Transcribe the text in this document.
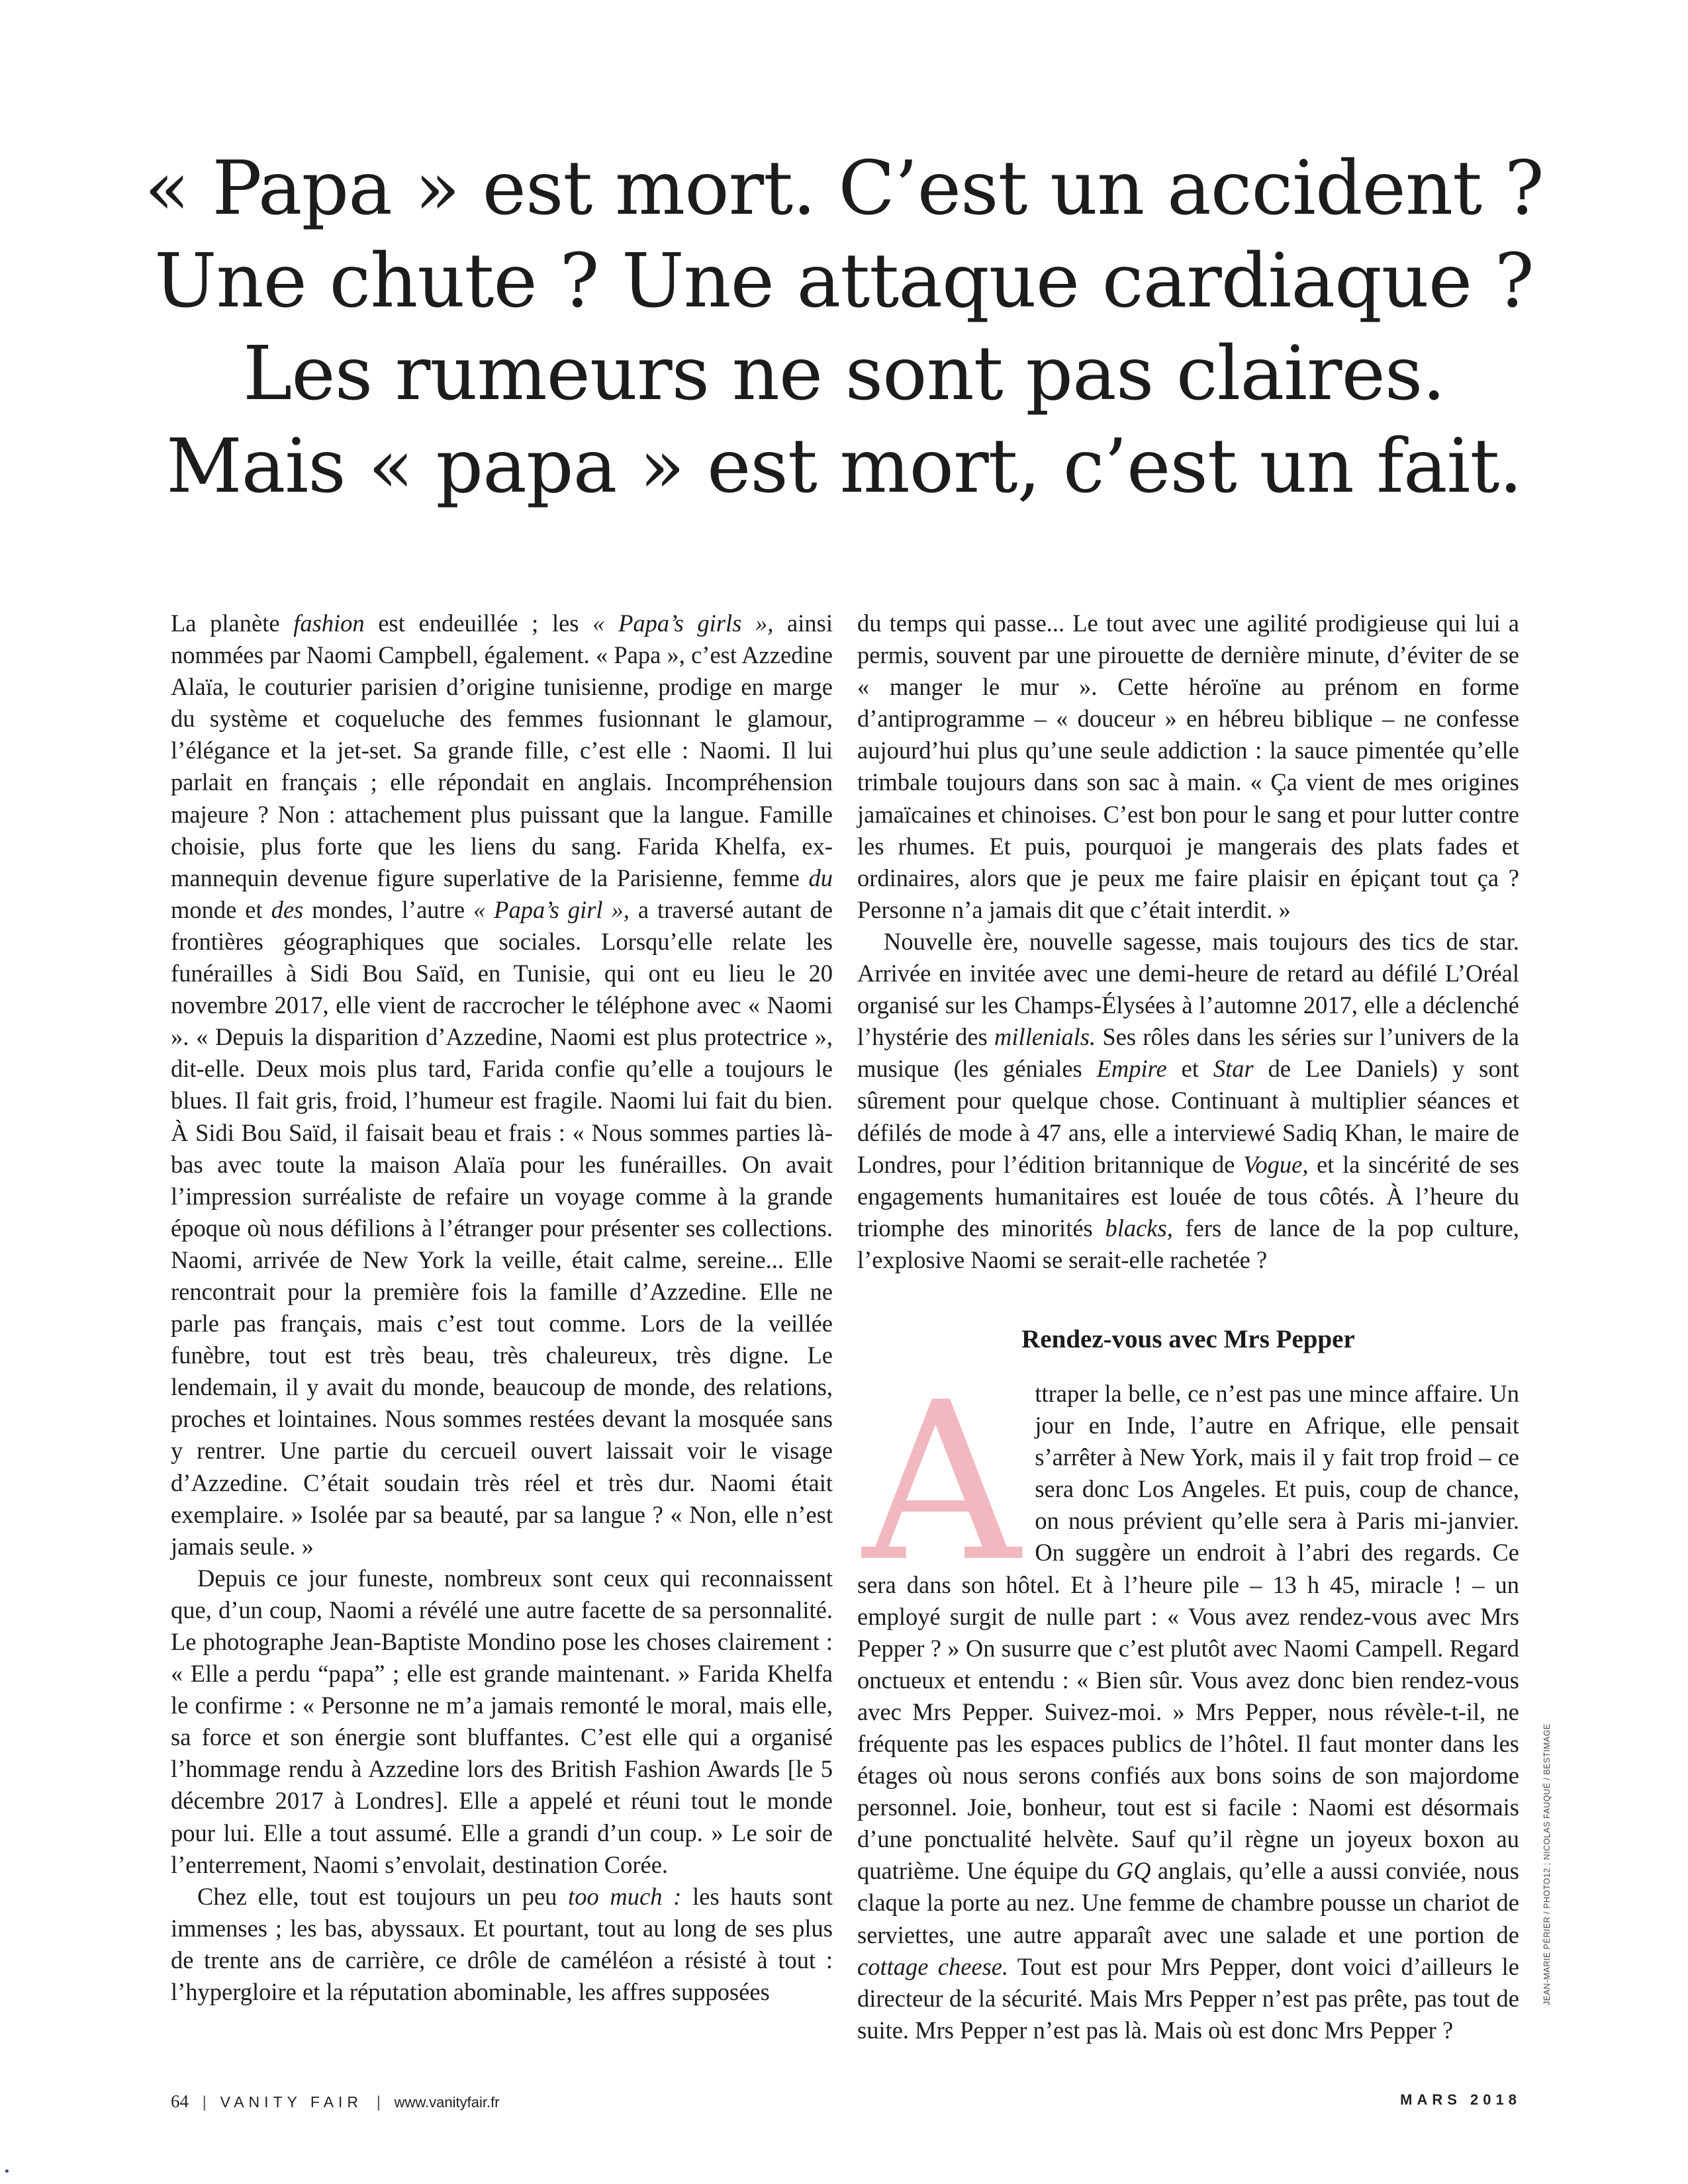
« Papa » est mort. C’est un accident ?
Une chute ? Une attaque cardiaque ?
Les rumeurs ne sont pas claires.
Mais « papa » est mort, c’est un fait.

La planète fashion est endeuillée ; les « Papa’s girls », ainsi nommées par Naomi Campbell, également. « Papa », c’est Azzedine Alaïa, le couturier parisien d’origine tunisienne, prodige en marge du système et coqueluche des femmes fusionnant le glamour, l’élégance et la jet-set. Sa grande fille, c’est elle : Naomi. Il lui parlait en français ; elle répondait en anglais. Incompréhension majeure ? Non : attachement plus puissant que la langue. Famille choisie, plus forte que les liens du sang. Farida Khelfa, ex-mannequin devenue figure superlative de la Parisienne, femme du monde et des mondes, l’autre « Papa’s girl », a traversé autant de frontières géographiques que sociales. Lorsqu’elle relate les funérailles à Sidi Bou Saïd, en Tunisie, qui ont eu lieu le 20 novembre 2017, elle vient de raccrocher le téléphone avec « Naomi ». « Depuis la disparition d’Azzedine, Naomi est plus protectrice », dit-elle. Deux mois plus tard, Farida confie qu’elle a toujours le blues. Il fait gris, froid, l’humeur est fragile. Naomi lui fait du bien. À Sidi Bou Saïd, il faisait beau et frais : « Nous sommes parties là-bas avec toute la maison Alaïa pour les funérailles. On avait l’impression surréaliste de refaire un voyage comme à la grande époque où nous défilions à l’étranger pour présenter ses collections. Naomi, arrivée de New York la veille, était calme, sereine... Elle rencontrait pour la première fois la famille d’Azzedine. Elle ne parle pas français, mais c’est tout comme. Lors de la veillée funèbre, tout est très beau, très chaleureux, très digne. Le lendemain, il y avait du monde, beaucoup de monde, des relations, proches et lointaines. Nous sommes restées devant la mosquée sans y rentrer. Une partie du cercueil ouvert laissait voir le visage d’Azzedine. C’était soudain très réel et très dur. Naomi était exemplaire. » Isolée par sa beauté, par sa langue ? « Non, elle n’est jamais seule. »

Depuis ce jour funeste, nombreux sont ceux qui reconnaissent que, d’un coup, Naomi a révélé une autre facette de sa personnalité. Le photographe Jean-Baptiste Mondino pose les choses clairement : « Elle a perdu “papa” ; elle est grande maintenant. » Farida Khelfa le confirme : « Personne ne m’a jamais remonté le moral, mais elle, sa force et son énergie sont bluffantes. C’est elle qui a organisé l’hommage rendu à Azzedine lors des British Fashion Awards [le 5 décembre 2017 à Londres]. Elle a appelé et réuni tout le monde pour lui. Elle a tout assumé. Elle a grandi d’un coup. » Le soir de l’enterrement, Naomi s’envolait, destination Corée.

Chez elle, tout est toujours un peu too much : les hauts sont immenses ; les bas, abyssaux. Et pourtant, tout au long de ses plus de trente ans de carrière, ce drôle de caméléon a résisté à tout : l’hypergloire et la réputation abominable, les affres supposées

du temps qui passe... Le tout avec une agilité prodigieuse qui lui a permis, souvent par une pirouette de dernière minute, d’éviter de se « manger le mur ». Cette héroïne au prénom en forme d’antiprogramme – « douceur » en hébreu biblique – ne confesse aujourd’hui plus qu’une seule addiction : la sauce pimentée qu’elle trimbale toujours dans son sac à main. « Ça vient de mes origines jamaïcaines et chinoises. C’est bon pour le sang et pour lutter contre les rhumes. Et puis, pourquoi je mangerais des plats fades et ordinaires, alors que je peux me faire plaisir en épiçant tout ça ? Personne n’a jamais dit que c’était interdit. »

Nouvelle ère, nouvelle sagesse, mais toujours des tics de star. Arrivée en invitée avec une demi-heure de retard au défilé L’Oréal organisé sur les Champs-Élysées à l’automne 2017, elle a déclenché l’hystérie des millenials. Ses rôles dans les séries sur l’univers de la musique (les géniales Empire et Star de Lee Daniels) y sont sûrement pour quelque chose. Continuant à multiplier séances et défilés de mode à 47 ans, elle a interviewé Sadiq Khan, le maire de Londres, pour l’édition britannique de Vogue, et la sincérité de ses engagements humanitaires est louée de tous côtés. À l’heure du triomphe des minorités blacks, fers de lance de la pop culture, l’explosive Naomi se serait-elle rachetée ?

Rendez-vous avec Mrs Pepper

Attraper la belle, ce n’est pas une mince affaire. Un jour en Inde, l’autre en Afrique, elle pensait s’arrêter à New York, mais il y fait trop froid – ce sera donc Los Angeles. Et puis, coup de chance, on nous prévient qu’elle sera à Paris mi-janvier. On suggère un endroit à l’abri des regards. Ce sera dans son hôtel. Et à l’heure pile – 13 h 45, miracle ! – un employé surgit de nulle part : « Vous avez rendez-vous avec Mrs Pepper ? » On susurre que c’est plutôt avec Naomi Campell. Regard onctueux et entendu : « Bien sûr. Vous avez donc bien rendez-vous avec Mrs Pepper. Suivez-moi. » Mrs Pepper, nous révèle-t-il, ne fréquente pas les espaces publics de l’hôtel. Il faut monter dans les étages où nous serons confiés aux bons soins de son majordome personnel. Joie, bonheur, tout est si facile : Naomi est désormais d’une ponctualité helvète. Sauf qu’il règne un joyeux boxon au quatrième. Une équipe du GQ anglais, qu’elle a aussi conviée, nous claque la porte au nez. Une femme de chambre pousse un chariot de serviettes, une autre apparaît avec une salade et une portion de cottage cheese. Tout est pour Mrs Pepper, dont voici d’ailleurs le directeur de la sécurité. Mais Mrs Pepper n’est pas prête, pas tout de suite. Mrs Pepper n’est pas là. Mais où est donc Mrs Pepper ?

JEAN-MARIE PÉRIER / PHOTO12 ; NICOLAS FAUQUÉ / BESTIMAGE
64 | VANITY FAIR | www.vanityfair.fr	MARS 2018
